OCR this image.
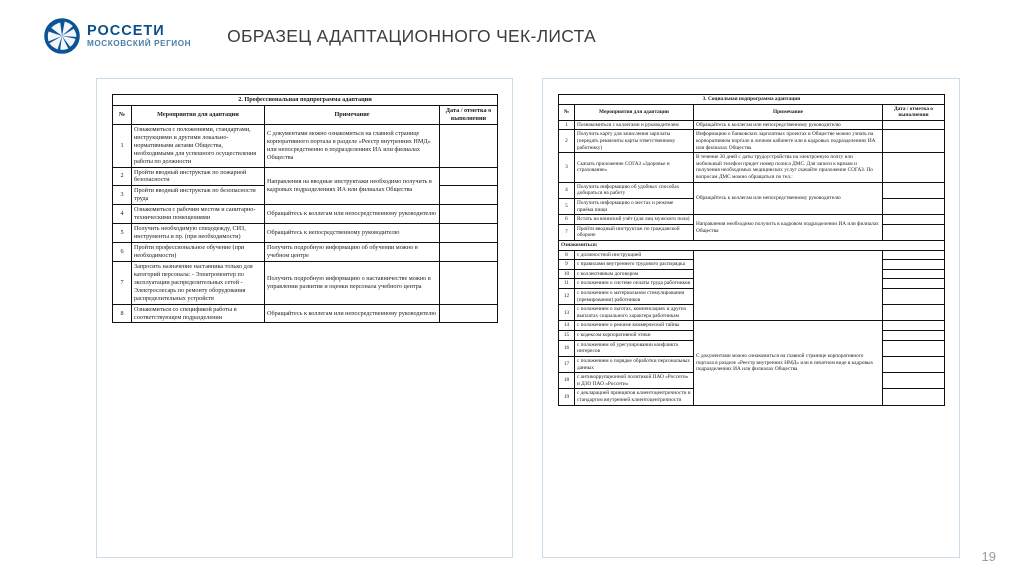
РОССЕТИ
МОСКОВСКИЙ РЕГИОН ОБРАЗЕЦ АДАПТАЦИОННОГО ЧЕК-ЛИСТА
2. Профессиональная подпрограмма адаптации			
№	Мероприятия для адаптации	Примечание	Дата / отметка о выполнении
1	Ознакомиться с положениями, стандартами, инструкциями и другими локально-нормативными актами Общества, необходимыми для успешного осуществления работы по должности	С документами можно ознакомиться на главной странице корпоративного портала в разделе «Реестр внутренних НМД» или непосредственно в подразделениях ИА или филиалах Общества	
2	Пройти вводный инструктаж по пожарной безопасности	Направления на вводные инструктажи необходимо получить в кадровых подразделениях ИА или филиалах Общества	
3	Пройти вводный инструктаж по безопасности труда		
4	Ознакомиться с рабочим местом и санитарно-техническими помещениями	Обращайтесь к коллегам или непосредственному руководителю	
5	Получить необходимую спецодежду, СИЗ, инструменты и пр. (при необходимости)	Обращайтесь к непосредственному руководителю	
6	Пройти профессиональное обучение (при необходимости)	Получить подробную информацию об обучении можно в учебном центре	
7	Запросить назначение наставника только для категорий персонала: - Электромонтер по эксплуатации распределительных сетей - Электрослесарь по ремонту оборудования распределительных устройств	Получить подробную информацию о наставничестве можно в управлении развития и оценки персонала учебного центра	
8	Ознакомиться со спецификой работы в соответствующем подразделении	Обращайтесь к коллегам или непосредственному руководителю	
3. Социальная подпрограмма адаптации			
№	Мероприятия для адаптации	Примечание	Дата / отметка о выполнении
1	Познакомиться с коллегами и руководителем	Обращайтесь к коллегам или непосредственному руководителю	
2	Получить карту для зачисления зарплаты (передать реквизиты карты ответственному работнику)	Информацию о банковских зарплатных проектах в Обществе можно узнать на корпоративном портале в личном кабинете или в кадровых подразделениях ИА или филиалах Общества	
3	Скачать приложение СОГАЗ «Здоровье и страхование»	В течение 30 дней с даты трудоустройства на электронную почту или мобильный телефон придет номер полиса ДМС. Для записи к врачам и получения необходимых медицинских услуг скачайте приложение СОГАЗ. По вопросам ДМС можно обращаться по тел.:	
4	Получить информацию об удобных способах добираться на работу	Обращайтесь к коллегам или непосредственному руководителю	
5	Получить информацию о местах и режиме приёма пищи		
6	Встать на воинский учёт (для лиц мужского пола)	Направления необходимо получить в кадровом подразделении ИА или филиалах Общества	
7	Пройти вводный инструктаж по гражданской обороне		
Ознакомиться:			
8	с должностной инструкцией		
9	с правилами внутреннего трудового распорядка		
10	с коллективным договором		
11	с положением о системе оплаты труда работников		
12	с положением о материальном стимулировании (премировании) работников		
13	с положением о льготах, компенсациях и других выплатах социального характера работникам		
14	с положением о режиме коммерческой тайны	С документами можно ознакомиться на главной странице корпоративного портала в разделе «Реестр внутренних НМД» или в печатном виде в кадровых подразделениях ИА или филиалах Общества	
15	с кодексом корпоративной этики		
16	с положением об урегулировании конфликта интересов		
17	с положением о порядке обработки персональных данных		
18	с антикоррупционной политикой ПАО «Россети» и ДЗО ПАО «Россети»		
19	с декларацией принципов клиентоцентричности и стандартом внутренней клиентоцентричности		
19
